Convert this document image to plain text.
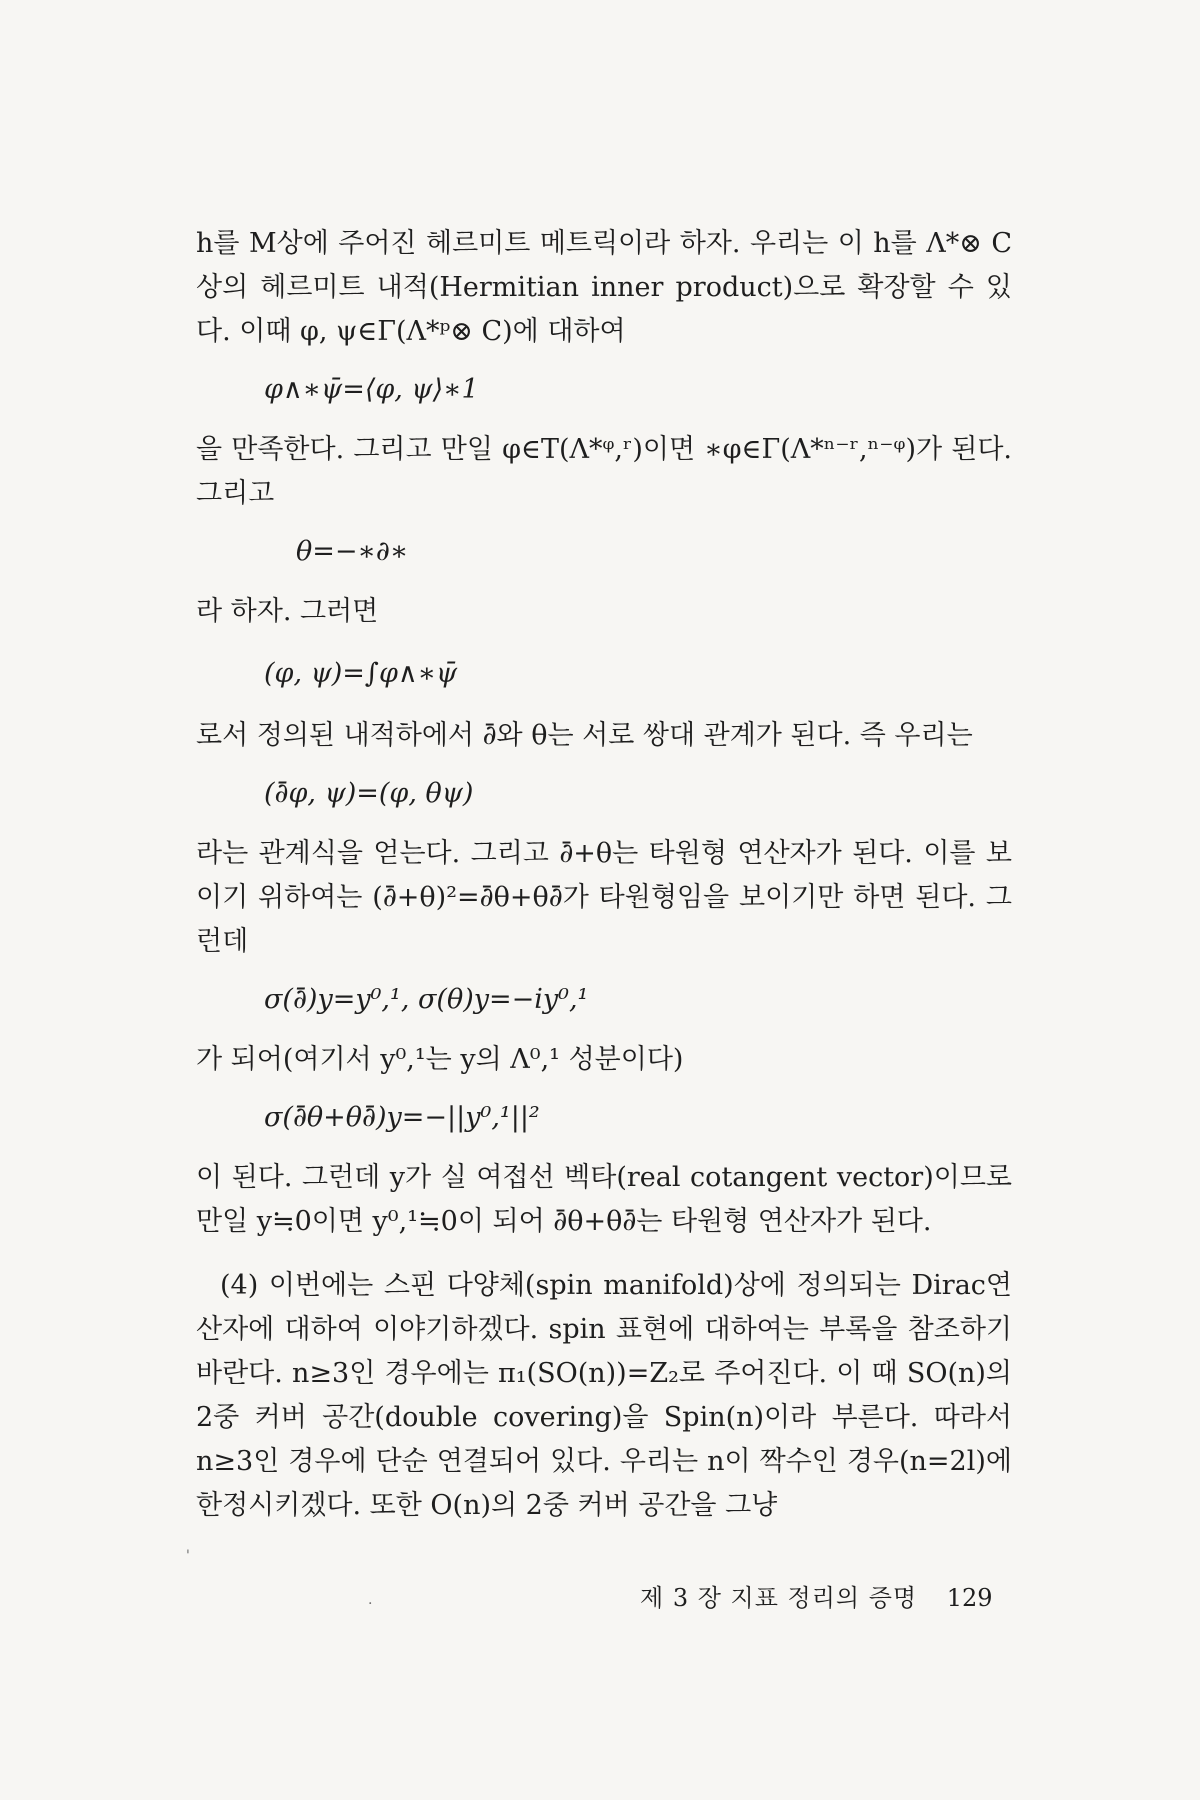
h를 M상에 주어진 헤르미트 메트릭이라 하자. 우리는 이 h를 Λ*⊗ C상의 헤르미트 내적(Hermitian inner product)으로 확장할 수 있다. 이때 φ, ψ∈Γ(Λ*ᵖ⊗ C)에 대하여

φ∧∗ψ̄=⟨φ, ψ⟩∗1

을 만족한다. 그리고 만일 φ∈T(Λ*ᵠ,ʳ)이면 ∗φ∈Γ(Λ*ⁿ⁻ʳ,ⁿ⁻ᵠ)가 된다. 그리고

θ=−∗∂∗

라 하자. 그러면

(φ, ψ)=∫φ∧∗ψ̄

로서 정의된 내적하에서 ∂̄와 θ는 서로 쌍대 관계가 된다. 즉 우리는

(∂̄φ, ψ)=(φ, θψ)

라는 관계식을 얻는다. 그리고 ∂̄+θ는 타원형 연산자가 된다. 이를 보이기 위하여는 (∂̄+θ)²=∂̄θ+θ∂̄가 타원형임을 보이기만 하면 된다. 그런데

σ(∂̄)y=y⁰,¹, σ(θ)y=−iy⁰,¹

가 되어(여기서 y⁰,¹는 y의 Λ⁰,¹ 성분이다)

σ(∂̄θ+θ∂̄)y=−||y⁰,¹||²

이 된다. 그런데 y가 실 여접선 벡타(real cotangent vector)이므로 만일 y≒0이면 y⁰,¹≒0이 되어 ∂̄θ+θ∂̄는 타원형 연산자가 된다.

(4) 이번에는 스핀 다양체(spin manifold)상에 정의되는 Dirac연산자에 대하여 이야기하겠다. spin 표현에 대하여는 부록을 참조하기 바란다. n≥3인 경우에는 π₁(SO(n))=Z₂로 주어진다. 이 때 SO(n)의 2중 커버 공간(double covering)을 Spin(n)이라 부른다. 따라서 n≥3인 경우에 단순 연결되어 있다. 우리는 n이 짝수인 경우(n=2l)에 한정시키겠다. 또한 O(n)의 2중 커버 공간을 그냥

제 3 장 지표 정리의 증명 129
'
.
